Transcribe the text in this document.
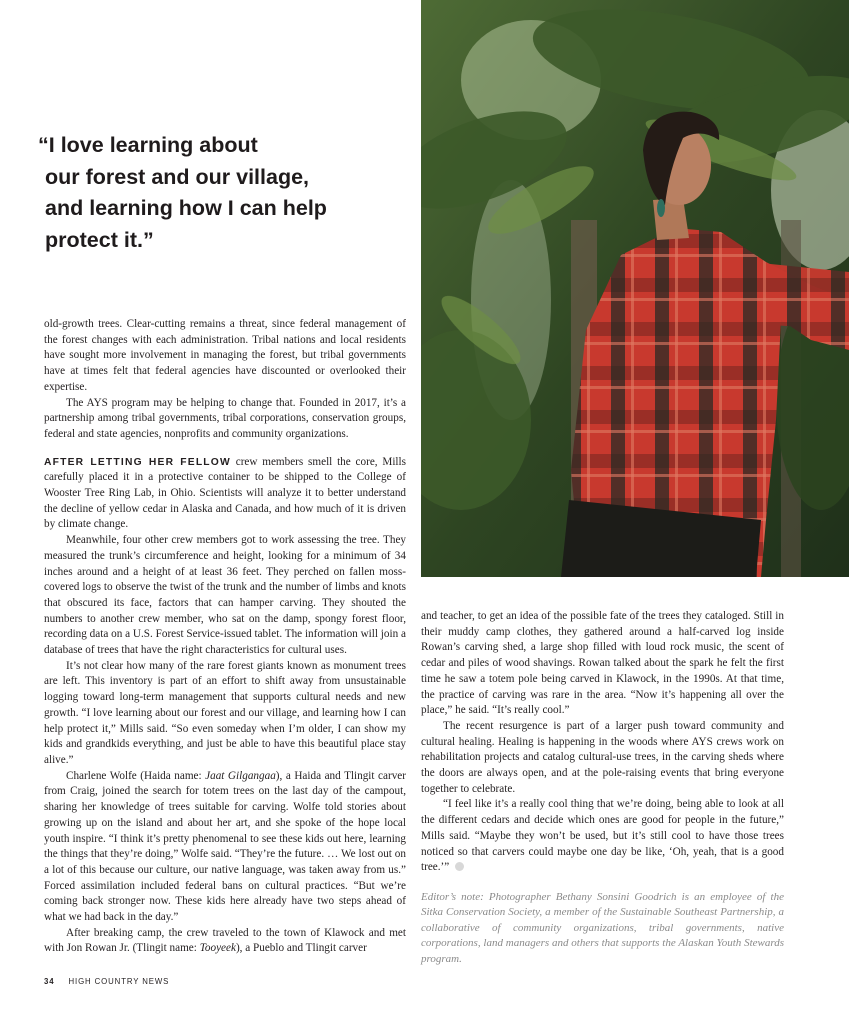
“I love learning about
our forest and our village,
and learning how I can help
protect it.”

old-growth trees. Clear-cutting remains a threat, since federal management of the forest changes with each administration. Tribal nations and local residents have sought more involvement in managing the forest, but tribal governments have at times felt that federal agencies have discounted or overlooked their expertise.

The AYS program may be helping to change that. Founded in 2017, it’s a partnership among tribal governments, tribal corporations, conservation groups, federal and state agencies, nonprofits and community organizations.

AFTER LETTING HER FELLOW crew members smell the core, Mills carefully placed it in a protective container to be shipped to the College of Wooster Tree Ring Lab, in Ohio. Scientists will analyze it to better understand the decline of yellow cedar in Alaska and Canada, and how much of it is driven by climate change.

Meanwhile, four other crew members got to work assessing the tree. They measured the trunk’s circumference and height, looking for a minimum of 34 inches around and a height of at least 36 feet. They perched on fallen moss-covered logs to observe the twist of the trunk and the number of limbs and knots that obscured its face, factors that can hamper carving. They shouted the numbers to another crew member, who sat on the damp, spongy forest floor, recording data on a U.S. Forest Service-issued tablet. The information will join a database of trees that have the right characteristics for cultural uses.

It’s not clear how many of the rare forest giants known as monument trees are left. This inventory is part of an effort to shift away from unsustainable logging toward long-term management that supports cultural needs and new growth. “I love learning about our forest and our village, and learning how I can help protect it,” Mills said. “So even someday when I’m older, I can show my kids and grandkids everything, and just be able to have this beautiful place stay alive.”

Charlene Wolfe (Haida name: Jaat Gilgangaa), a Haida and Tlingit carver from Craig, joined the search for totem trees on the last day of the campout, sharing her knowledge of trees suitable for carving. Wolfe told stories about growing up on the island and about her art, and she spoke of the hope local youth inspire. “I think it’s pretty phenomenal to see these kids out here, learning the things that they’re doing,” Wolfe said. “They’re the future. … We lost out on a lot of this because our culture, our native language, was taken away from us.” Forced assimilation included federal bans on cultural practices. “But we’re coming back stronger now. These kids here already have two steps ahead of what we had back in the day.”

After breaking camp, the crew traveled to the town of Klawock and met with Jon Rowan Jr. (Tlingit name: Tooyeek), a Pueblo and Tlingit carver

and teacher, to get an idea of the possible fate of the trees they cataloged. Still in their muddy camp clothes, they gathered around a half-carved log inside Rowan’s carving shed, a large shop filled with loud rock music, the scent of cedar and piles of wood shavings. Rowan talked about the spark he felt the first time he saw a totem pole being carved in Klawock, in the 1990s. At that time, the practice of carving was rare in the area. “Now it’s happening all over the place,” he said. “It’s really cool.”

The recent resurgence is part of a larger push toward community and cultural healing. Healing is happening in the woods where AYS crews work on rehabilitation projects and catalog cultural-use trees, in the carving sheds where the doors are always open, and at the pole-raising events that bring everyone together to celebrate.

“I feel like it’s a really cool thing that we’re doing, being able to look at all the different cedars and decide which ones are good for people in the future,” Mills said. “Maybe they won’t be used, but it’s still cool to have those trees noticed so that carvers could maybe one day be like, ‘Oh, yeah, that is a good tree.’”

Editor’s note: Photographer Bethany Sonsini Goodrich is an employee of the Sitka Conservation Society, a member of the Sustainable Southeast Partnership, a collaborative of community organizations, tribal governments, native corporations, land managers and others that supports the Alaskan Youth Stewards program.

34 HIGH COUNTRY NEWS
